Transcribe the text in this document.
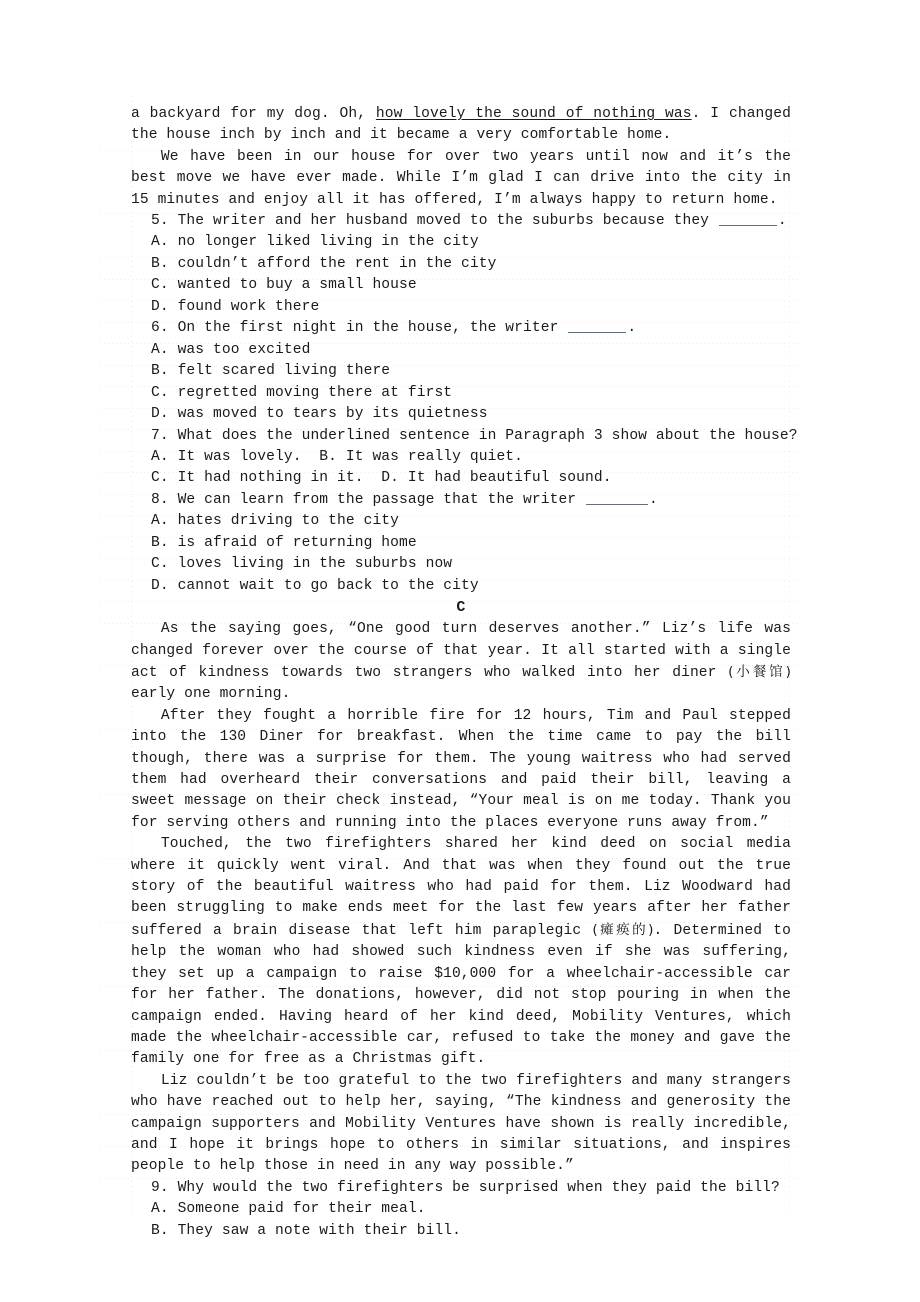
a backyard for my dog. Oh, how lovely the sound of nothing was. I changed the house inch by inch and it became a very comfortable home.

We have been in our house for over two years until now and it’s the best move we have ever made. While I’m glad I can drive into the city in 15 minutes and enjoy all it has offered, I’m always happy to return home.

5. The writer and her husband moved to the suburbs because they	.

A. no longer liked living in the city

B. couldn’t afford the rent in the city

C. wanted to buy a small house

D. found work there

6. On the first night in the house, the writer	.

A. was too excited

B. felt scared living there

C. regretted moving there at first

D. was moved to tears by its quietness

7. What does the underlined sentence in Paragraph 3 show about the house?

A. It was lovely.  B. It was really quiet.

C. It had nothing in it.  D. It had beautiful sound.

8. We can learn from the passage that the writer	.

A. hates driving to the city

B. is afraid of returning home

C. loves living in the suburbs now

D. cannot wait to go back to the city

C

As the saying goes, “One good turn deserves another.” Liz’s life was changed forever over the course of that year. It all started with a single act of kindness towards two strangers who walked into her diner (小餐馆) early one morning.

After they fought a horrible fire for 12 hours, Tim and Paul stepped into the 130 Diner for breakfast. When the time came to pay the bill though, there was a surprise for them. The young waitress who had served them had overheard their conversations and paid their bill, leaving a sweet message on their check instead, “Your meal is on me today. Thank you for serving others and running into the places everyone runs away from.”

Touched, the two firefighters shared her kind deed on social media where it quickly went viral. And that was when they found out the true story of the beautiful waitress who had paid for them. Liz Woodward had been struggling to make ends meet for the last few years after her father suffered a brain disease that left him paraplegic (瘫痪的). Determined to help the woman who had showed such kindness even if she was suffering, they set up a campaign to raise $10,000 for a wheelchair-accessible car for her father. The donations, however, did not stop pouring in when the campaign ended. Having heard of her kind deed, Mobility Ventures, which made the wheelchair-accessible car, refused to take the money and gave the family one for free as a Christmas gift.

Liz couldn’t be too grateful to the two firefighters and many strangers who have reached out to help her, saying, “The kindness and generosity the campaign supporters and Mobility Ventures have shown is really incredible, and I hope it brings hope to others in similar situations, and inspires people to help those in need in any way possible.”

9. Why would the two firefighters be surprised when they paid the bill?

A. Someone paid for their meal.

B. They saw a note with their bill.
